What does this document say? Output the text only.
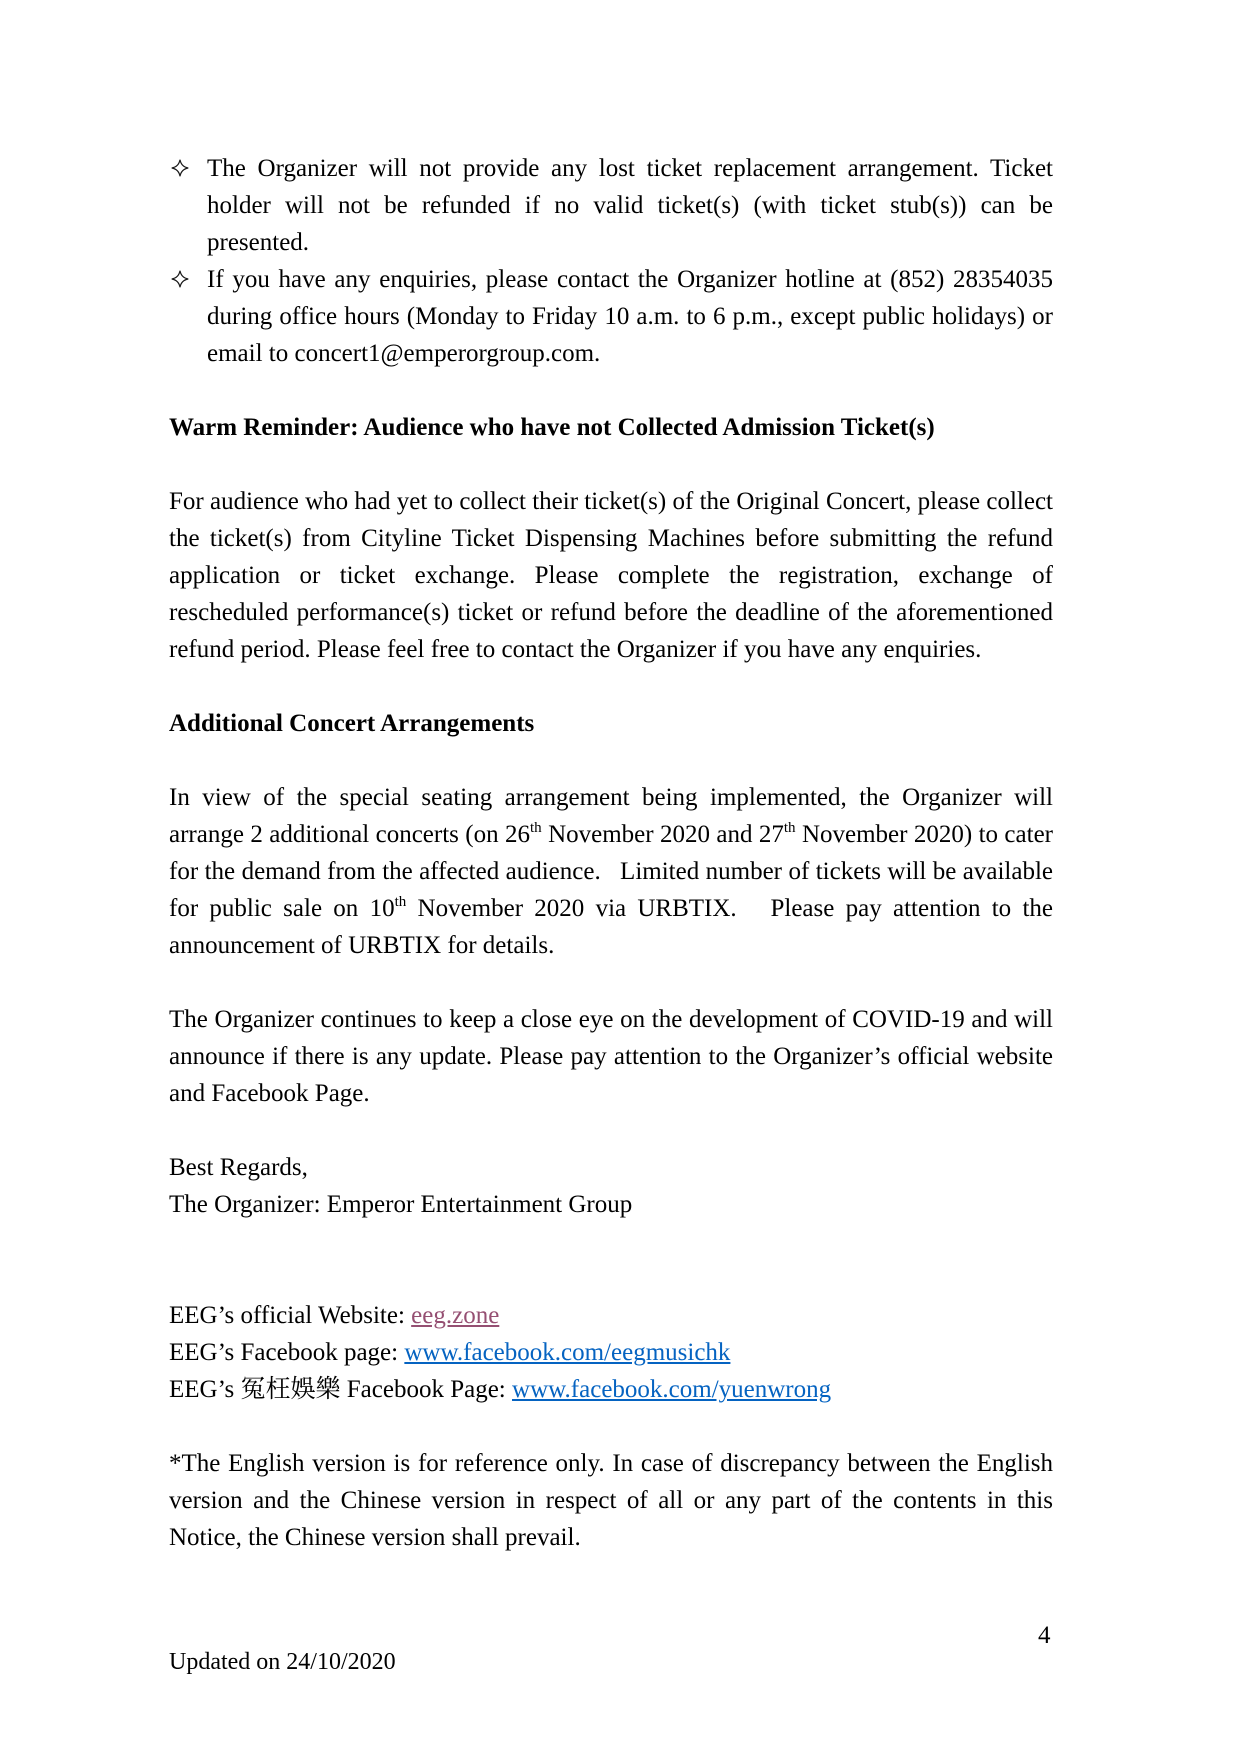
The Organizer will not provide any lost ticket replacement arrangement. Ticket holder will not be refunded if no valid ticket(s) (with ticket stub(s)) can be presented.
If you have any enquiries, please contact the Organizer hotline at (852) 28354035 during office hours (Monday to Friday 10 a.m. to 6 p.m., except public holidays) or email to concert1@emperorgroup.com.
Warm Reminder: Audience who have not Collected Admission Ticket(s)

For audience who had yet to collect their ticket(s) of the Original Concert, please collect the ticket(s) from Cityline Ticket Dispensing Machines before submitting the refund application or ticket exchange. Please complete the registration, exchange of rescheduled performance(s) ticket or refund before the deadline of the aforementioned refund period. Please feel free to contact the Organizer if you have any enquiries.

Additional Concert Arrangements

In view of the special seating arrangement being implemented, the Organizer will arrange 2 additional concerts (on 26th November 2020 and 27th November 2020) to cater for the demand from the affected audience.   Limited number of tickets will be available for public sale on 10th November 2020 via URBTIX.   Please pay attention to the announcement of URBTIX for details.

The Organizer continues to keep a close eye on the development of COVID-19 and will announce if there is any update. Please pay attention to the Organizer’s official website and Facebook Page.

Best Regards,

The Organizer: Emperor Entertainment Group

EEG’s official Website: eeg.zone

EEG’s Facebook page: www.facebook.com/eegmusichk

EEG’s 冤枉娛樂 Facebook Page: www.facebook.com/yuenwrong

*The English version is for reference only. In case of discrepancy between the English version and the Chinese version in respect of all or any part of the contents in this Notice, the Chinese version shall prevail.

4
Updated on 24/10/2020
